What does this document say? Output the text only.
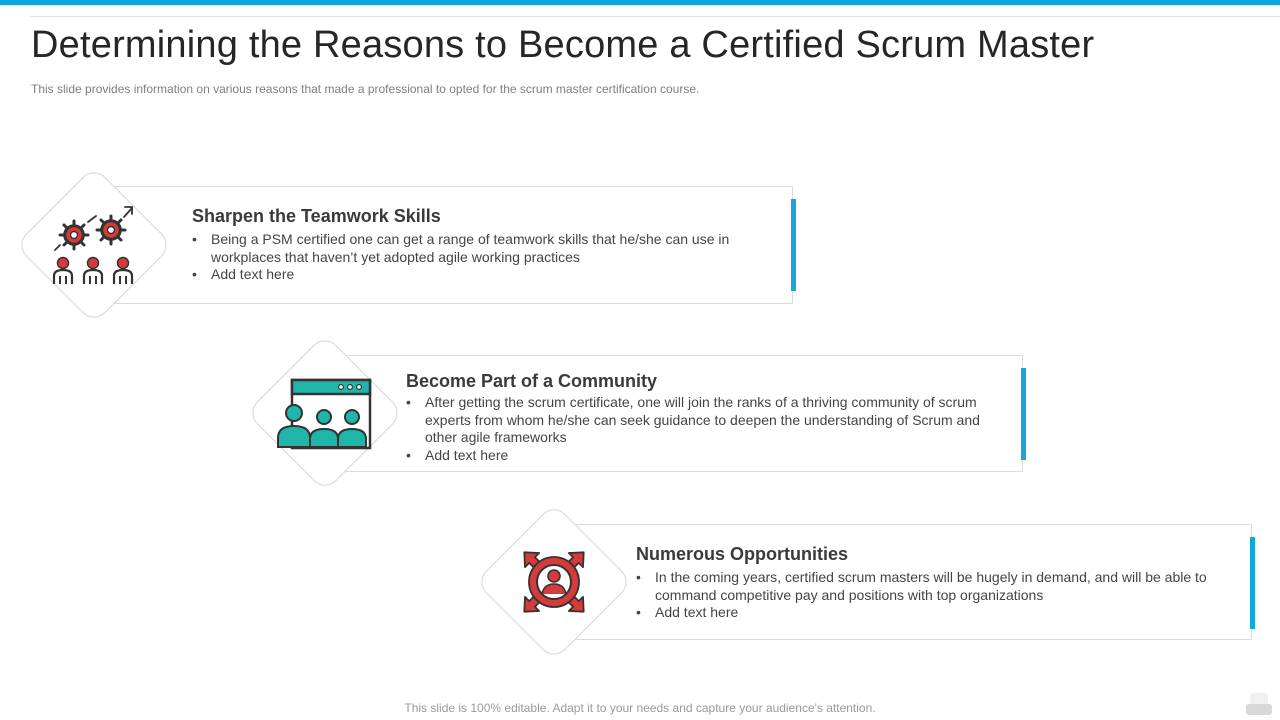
Determining the Reasons to Become a Certified Scrum Master

This slide provides information on various reasons that made a professional to opted for the scrum master certification course.

Sharpen the Teamwork Skills
• Being a PSM certified one can get a range of teamwork skills that he/she can use in workplaces that haven’t yet adopted agile working practices
• Add text here
Become Part of a Community
• After getting the scrum certificate, one will join the ranks of a thriving community of scrum experts from whom he/she can seek guidance to deepen the understanding of Scrum and other agile frameworks
• Add text here
Numerous Opportunities
• In the coming years, certified scrum masters will be hugely in demand, and will be able to command competitive pay and positions with top organizations
• Add text here
This slide is 100% editable. Adapt it to your needs and capture your audience's attention.
